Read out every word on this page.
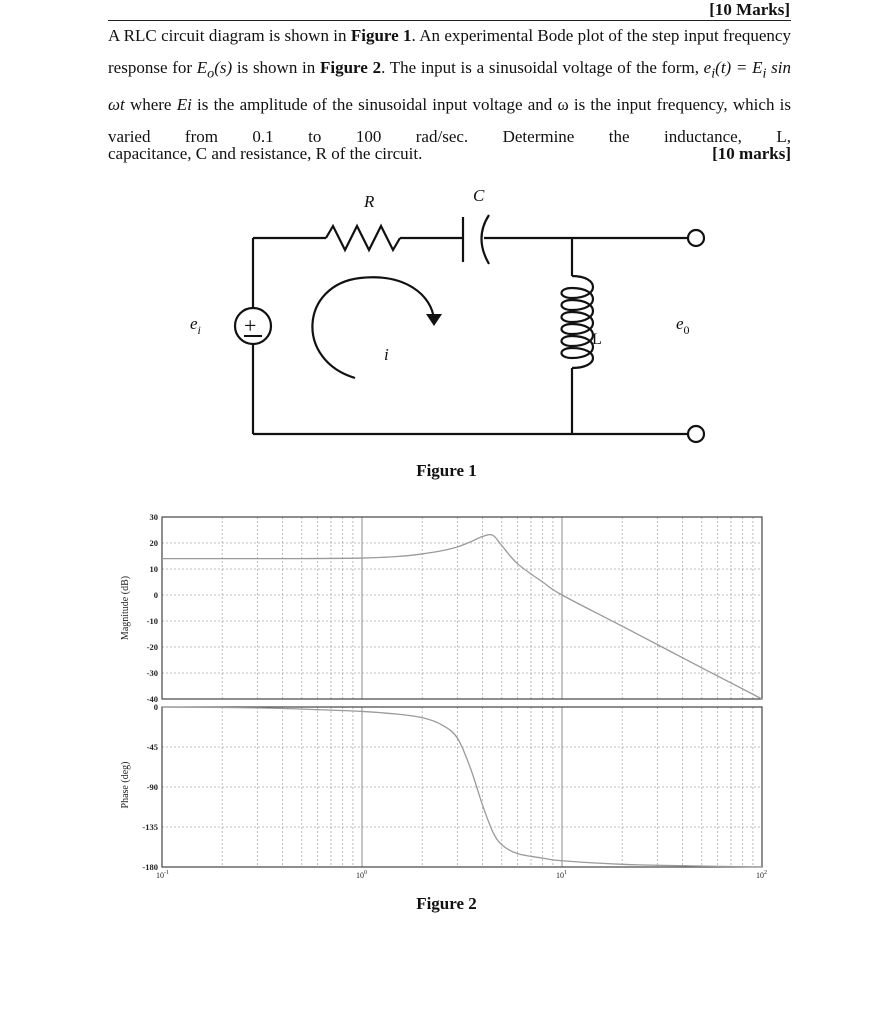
[10 Marks]
A RLC circuit diagram is shown in Figure 1. An experimental Bode plot of the step input frequency response for $E_o(s)$ is shown in Figure 2. The input is a sinusoidal voltage of the form, $e_i(t) = E_i$ sin ωt where Ei is the amplitude of the sinusoidal input voltage and ω is the input frequency, which is varied from 0.1 to 100 rad/sec. Determine the inductance, L,
capacitance, C and resistance, R of the circuit.	[10 marks]
R	C
L
i
$e_i$	$e_0$
+
Figure 1
30
20
10
0
-10
-20
-30
-40
0
-45
-90
-135
-180
$10^{-1}$	$10^0$	$10^1$	$10^2$
Magnitude (dB)
Phase (deg)
Figure 2
